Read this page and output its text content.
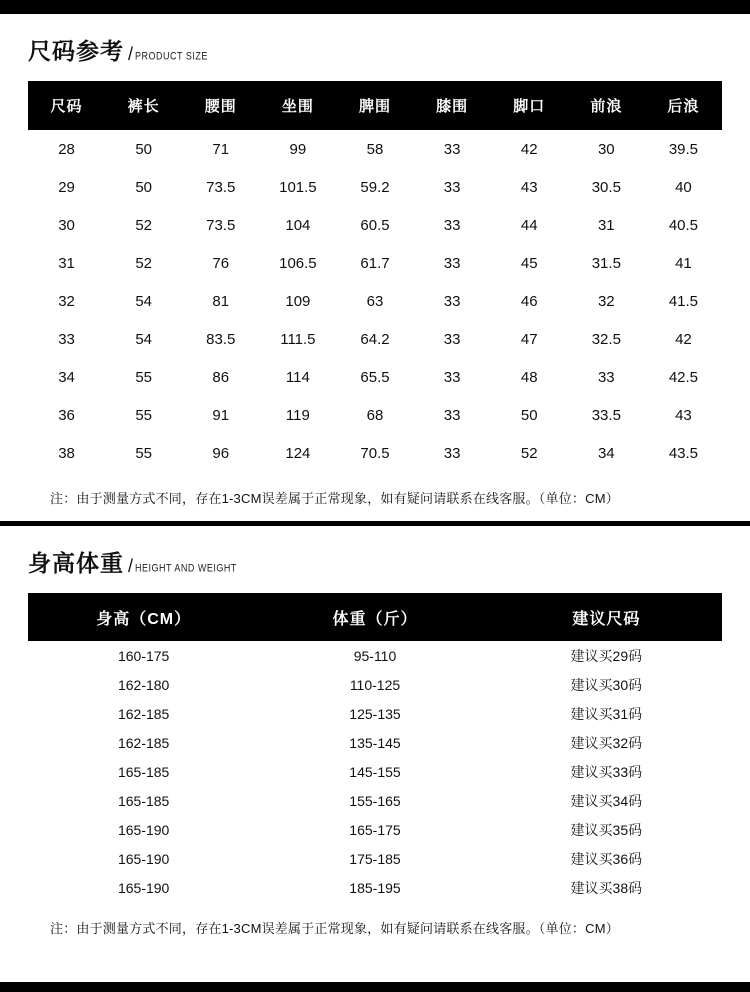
尺码参考 / PRODUCT SIZE
尺码	裤长	腰围	坐围	脾围	膝围	脚口	前浪	后浪
28	50	71	99	58	33	42	30	39.5
29	50	73.5	101.5	59.2	33	43	30.5	40
30	52	73.5	104	60.5	33	44	31	40.5
31	52	76	106.5	61.7	33	45	31.5	41
32	54	81	109	63	33	46	32	41.5
33	54	83.5	111.5	64.2	33	47	32.5	42
34	55	86	114	65.5	33	48	33	42.5
36	55	91	119	68	33	50	33.5	43
38	55	96	124	70.5	33	52	34	43.5
注：由于测量方式不同，存在1-3CM误差属于正常现象，如有疑问请联系在线客服。（单位：CM）
身高体重 / HEIGHT AND WEIGHT
身高（CM）	体重（斤）	建议尺码
160-175	95-110	建议买29码
162-180	110-125	建议买30码
162-185	125-135	建议买31码
162-185	135-145	建议买32码
165-185	145-155	建议买33码
165-185	155-165	建议买34码
165-190	165-175	建议买35码
165-190	175-185	建议买36码
165-190	185-195	建议买38码
注：由于测量方式不同，存在1-3CM误差属于正常现象，如有疑问请联系在线客服。（单位：CM）
